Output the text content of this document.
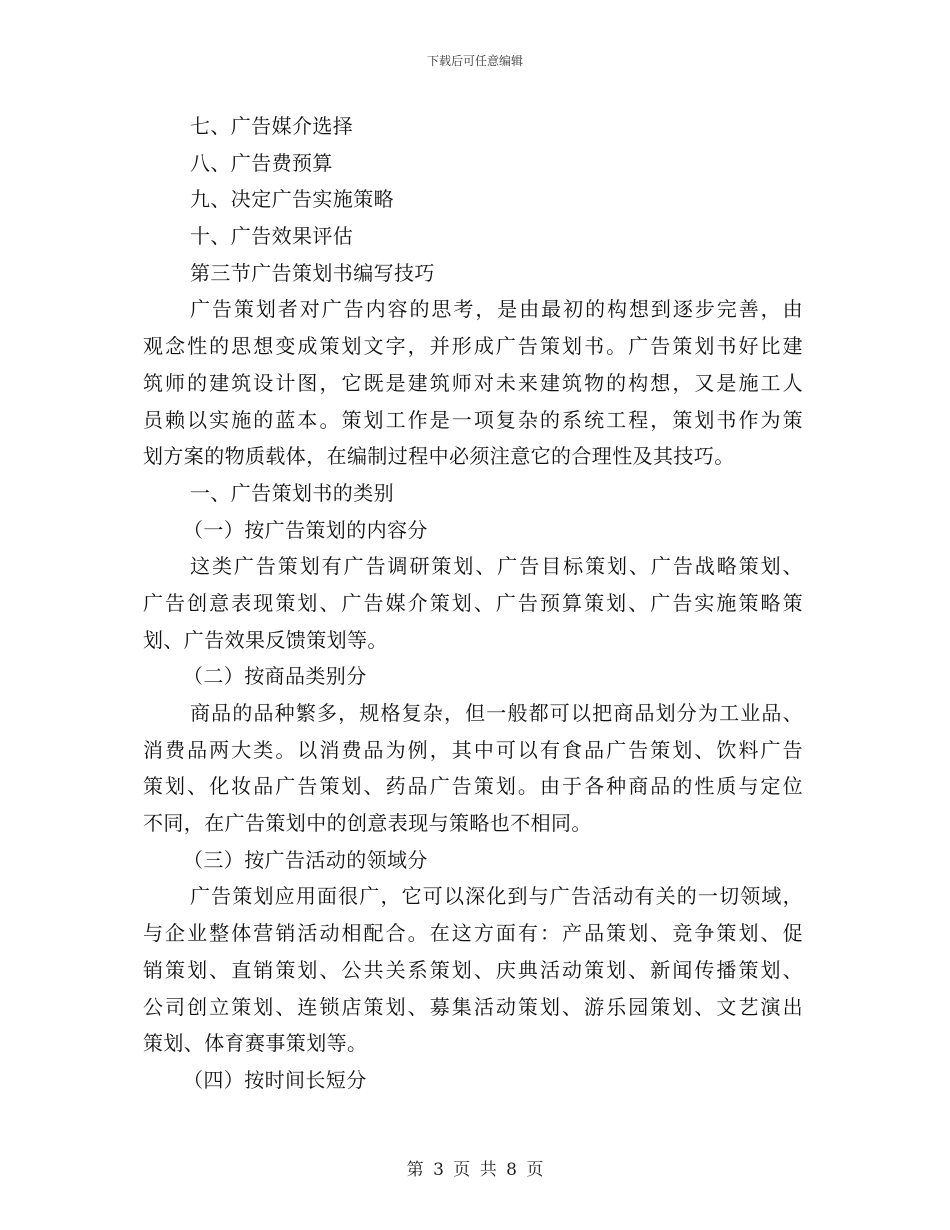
下载后可任意编辑
七、广告媒介选择
八、广告费预算
九、决定广告实施策略
十、广告效果评估
第三节广告策划书编写技巧
广告策划者对广告内容的思考，是由最初的构想到逐步完善，由
观念性的思想变成策划文字，并形成广告策划书。广告策划书好比建
筑师的建筑设计图，它既是建筑师对未来建筑物的构想，又是施工人
员赖以实施的蓝本。策划工作是一项复杂的系统工程，策划书作为策
划方案的物质载体，在编制过程中必须注意它的合理性及其技巧。
一、广告策划书的类别
（一）按广告策划的内容分
这类广告策划有广告调研策划、广告目标策划、广告战略策划、
广告创意表现策划、广告媒介策划、广告预算策划、广告实施策略策
划、广告效果反馈策划等。
（二）按商品类别分
商品的品种繁多，规格复杂，但一般都可以把商品划分为工业品、
消费品两大类。以消费品为例，其中可以有食品广告策划、饮料广告
策划、化妆品广告策划、药品广告策划。由于各种商品的性质与定位
不同，在广告策划中的创意表现与策略也不相同。
（三）按广告活动的领域分
广告策划应用面很广，它可以深化到与广告活动有关的一切领域，
与企业整体营销活动相配合。在这方面有：产品策划、竞争策划、促
销策划、直销策划、公共关系策划、庆典活动策划、新闻传播策划、
公司创立策划、连锁店策划、募集活动策划、游乐园策划、文艺演出
策划、体育赛事策划等。
（四）按时间长短分
第 3 页 共 8 页
